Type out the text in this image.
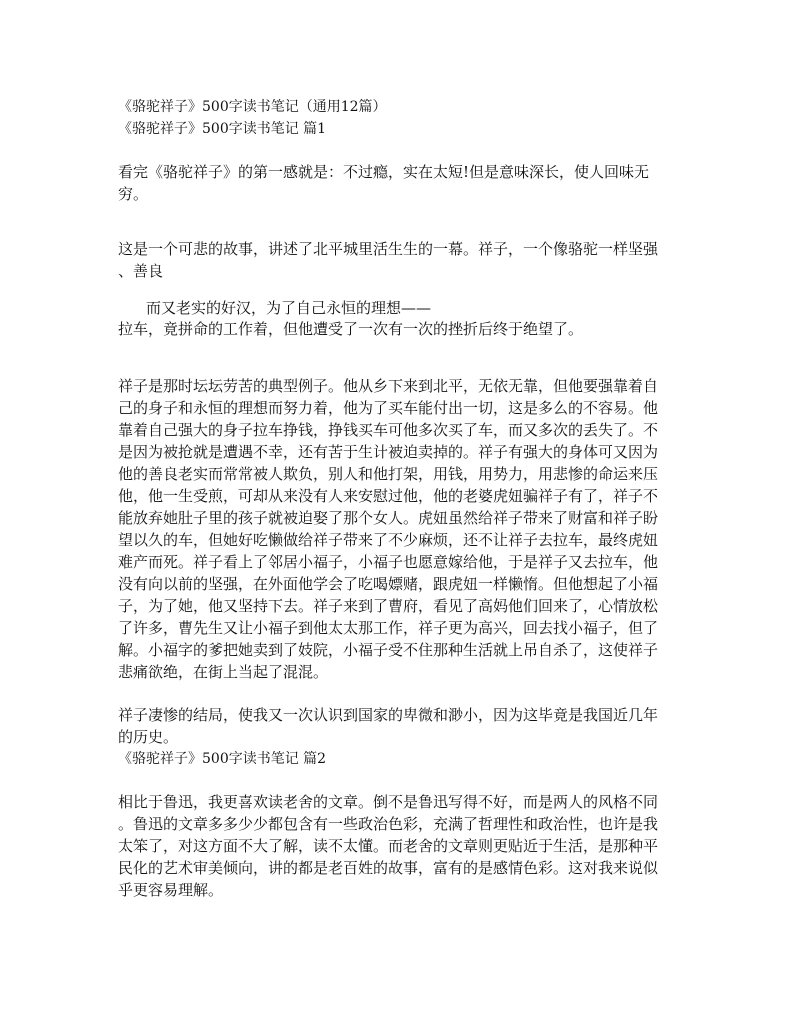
《骆驼祥子》500字读书笔记（通用12篇）
《骆驼祥子》500字读书笔记 篇1
看完《骆驼祥子》的第一感就是：不过瘾，实在太短!但是意味深长，使人回味无
穷。
这是一个可悲的故事，讲述了北平城里活生生的一幕。祥子，一个像骆驼一样坚强
、善良
而又老实的好汉，为了自己永恒的理想——
拉车，竟拼命的工作着，但他遭受了一次有一次的挫折后终于绝望了。
祥子是那时坛坛劳苦的典型例子。他从乡下来到北平，无依无靠，但他要强靠着自
己的身子和永恒的理想而努力着，他为了买车能付出一切，这是多么的不容易。他
靠着自己强大的身子拉车挣钱，挣钱买车可他多次买了车，而又多次的丢失了。不
是因为被抢就是遭遇不幸，还有苦于生计被迫卖掉的。祥子有强大的身体可又因为
他的善良老实而常常被人欺负，别人和他打架，用钱，用势力，用悲惨的命运来压
他，他一生受煎，可却从来没有人来安慰过他，他的老婆虎妞骗祥子有了，祥子不
能放弃她肚子里的孩子就被迫娶了那个女人。虎妞虽然给祥子带来了财富和祥子盼
望以久的车，但她好吃懒做给祥子带来了不少麻烦，还不让祥子去拉车，最终虎妞
难产而死。祥子看上了邻居小福子，小福子也愿意嫁给他，于是祥子又去拉车，他
没有向以前的坚强，在外面他学会了吃喝嫖赌，跟虎妞一样懒惰。但他想起了小福
子，为了她，他又坚持下去。祥子来到了曹府，看见了高妈他们回来了，心情放松
了许多，曹先生又让小福子到他太太那工作，祥子更为高兴，回去找小福子，但了
解。小福字的爹把她卖到了妓院，小福子受不住那种生活就上吊自杀了，这使祥子
悲痛欲绝，在街上当起了混混。
祥子凄惨的结局，使我又一次认识到国家的卑微和渺小，因为这毕竟是我国近几年
的历史。
《骆驼祥子》500字读书笔记 篇2
相比于鲁迅，我更喜欢读老舍的文章。倒不是鲁迅写得不好，而是两人的风格不同
。鲁迅的文章多多少少都包含有一些政治色彩，充满了哲理性和政治性，也许是我
太笨了，对这方面不大了解，读不太懂。而老舍的文章则更贴近于生活，是那种平
民化的艺术审美倾向，讲的都是老百姓的故事，富有的是感情色彩。这对我来说似
乎更容易理解。
